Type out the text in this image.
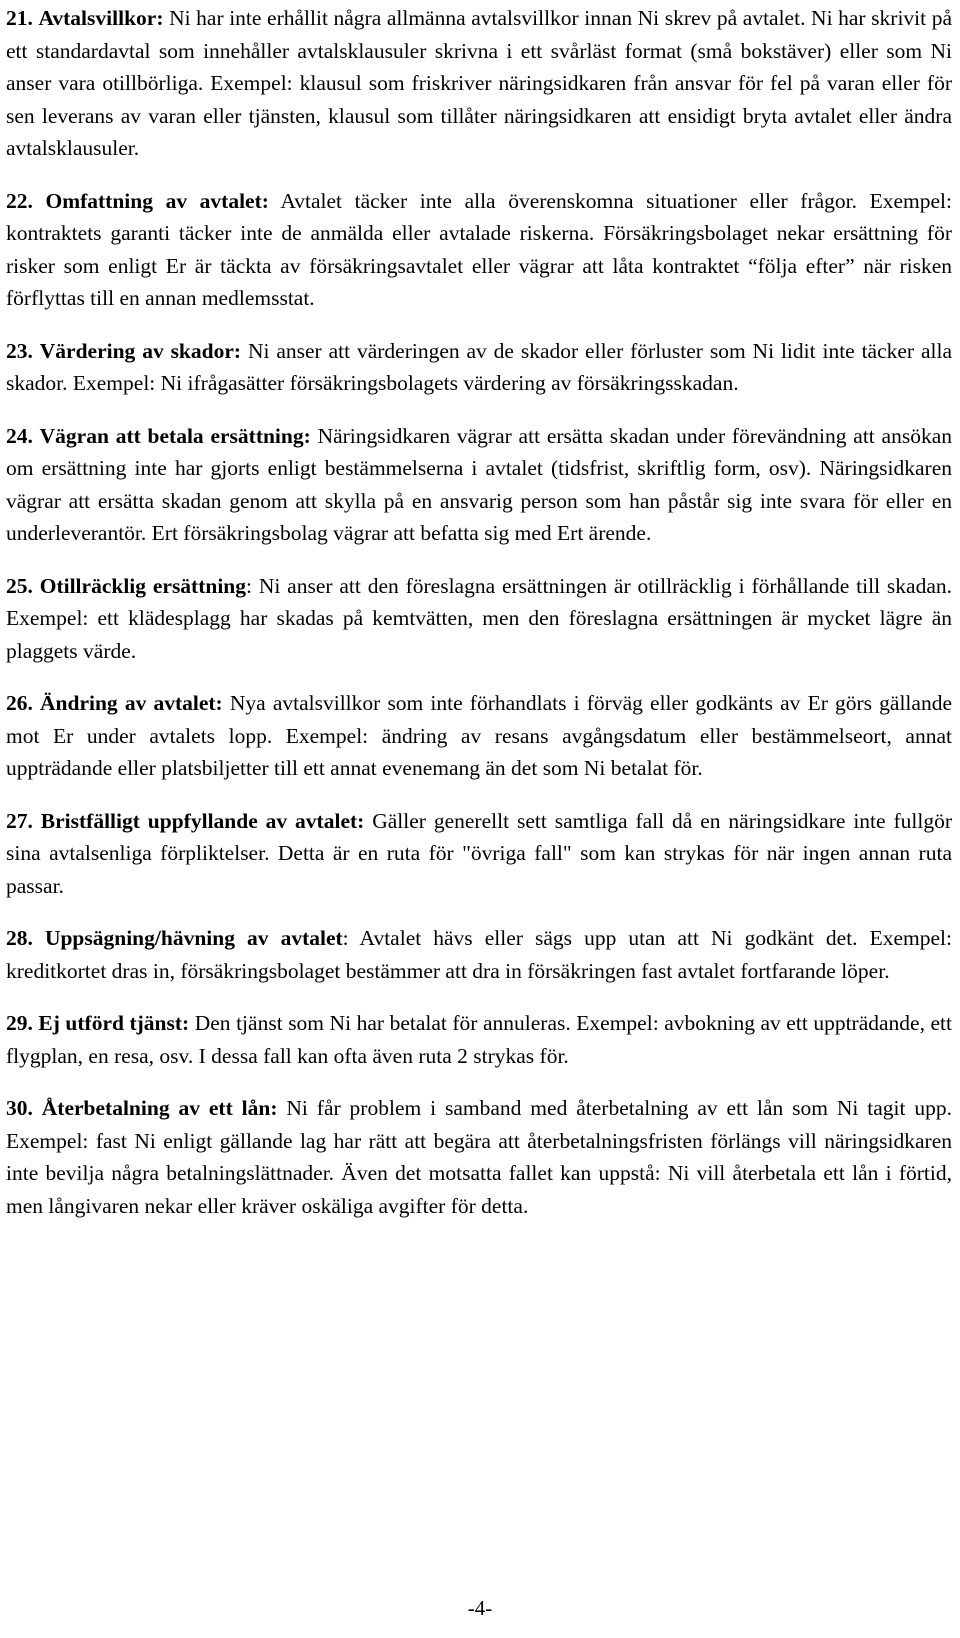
21. Avtalsvillkor: Ni har inte erhållit några allmänna avtalsvillkor innan Ni skrev på avtalet. Ni har skrivit på ett standardavtal som innehåller avtalsklausuler skrivna i ett svårläst format (små bokstäver) eller som Ni anser vara otillbörliga. Exempel: klausul som friskriver näringsidkaren från ansvar för fel på varan eller för sen leverans av varan eller tjänsten, klausul som tillåter näringsidkaren att ensidigt bryta avtalet eller ändra avtalsklausuler.
22. Omfattning av avtalet: Avtalet täcker inte alla överenskomna situationer eller frågor. Exempel: kontraktets garanti täcker inte de anmälda eller avtalade riskerna. Försäkringsbolaget nekar ersättning för risker som enligt Er är täckta av försäkringsavtalet eller vägrar att låta kontraktet “följa efter” när risken förflyttas till en annan medlemsstat.
23. Värdering av skador: Ni anser att värderingen av de skador eller förluster som Ni lidit inte täcker alla skador. Exempel: Ni ifrågasätter försäkringsbolagets värdering av försäkringsskadan.
24. Vägran att betala ersättning: Näringsidkaren vägrar att ersätta skadan under förevändning att ansökan om ersättning inte har gjorts enligt bestämmelserna i avtalet (tidsfrist, skriftlig form, osv). Näringsidkaren vägrar att ersätta skadan genom att skylla på en ansvarig person som han påstår sig inte svara för eller en underleverantör. Ert försäkringsbolag vägrar att befatta sig med Ert ärende.
25. Otillräcklig ersättning: Ni anser att den föreslagna ersättningen är otillräcklig i förhållande till skadan. Exempel: ett klädesplagg har skadas på kemtvätten, men den föreslagna ersättningen är mycket lägre än plaggets värde.
26. Ändring av avtalet: Nya avtalsvillkor som inte förhandlats i förväg eller godkänts av Er görs gällande mot Er under avtalets lopp. Exempel: ändring av resans avgångsdatum eller bestämmelseort, annat uppträdande eller platsbiljetter till ett annat evenemang än det som Ni betalat för.
27. Bristfälligt uppfyllande av avtalet: Gäller generellt sett samtliga fall då en näringsidkare inte fullgör sina avtalsenliga förpliktelser. Detta är en ruta för "övriga fall" som kan strykas för när ingen annan ruta passar.
28. Uppsägning/hävning av avtalet: Avtalet hävs eller sägs upp utan att Ni godkänt det. Exempel: kreditkortet dras in, försäkringsbolaget bestämmer att dra in försäkringen fast avtalet fortfarande löper.
29. Ej utförd tjänst: Den tjänst som Ni har betalat för annuleras. Exempel: avbokning av ett uppträdande, ett flygplan, en resa, osv. I dessa fall kan ofta även ruta 2 strykas för.
30. Återbetalning av ett lån: Ni får problem i samband med återbetalning av ett lån som Ni tagit upp. Exempel: fast Ni enligt gällande lag har rätt att begära att återbetalningsfristen förlängs vill näringsidkaren inte bevilja några betalningslättnader. Även det motsatta fallet kan uppstå: Ni vill återbetala ett lån i förtid, men långivaren nekar eller kräver oskäliga avgifter för detta.
-4-
